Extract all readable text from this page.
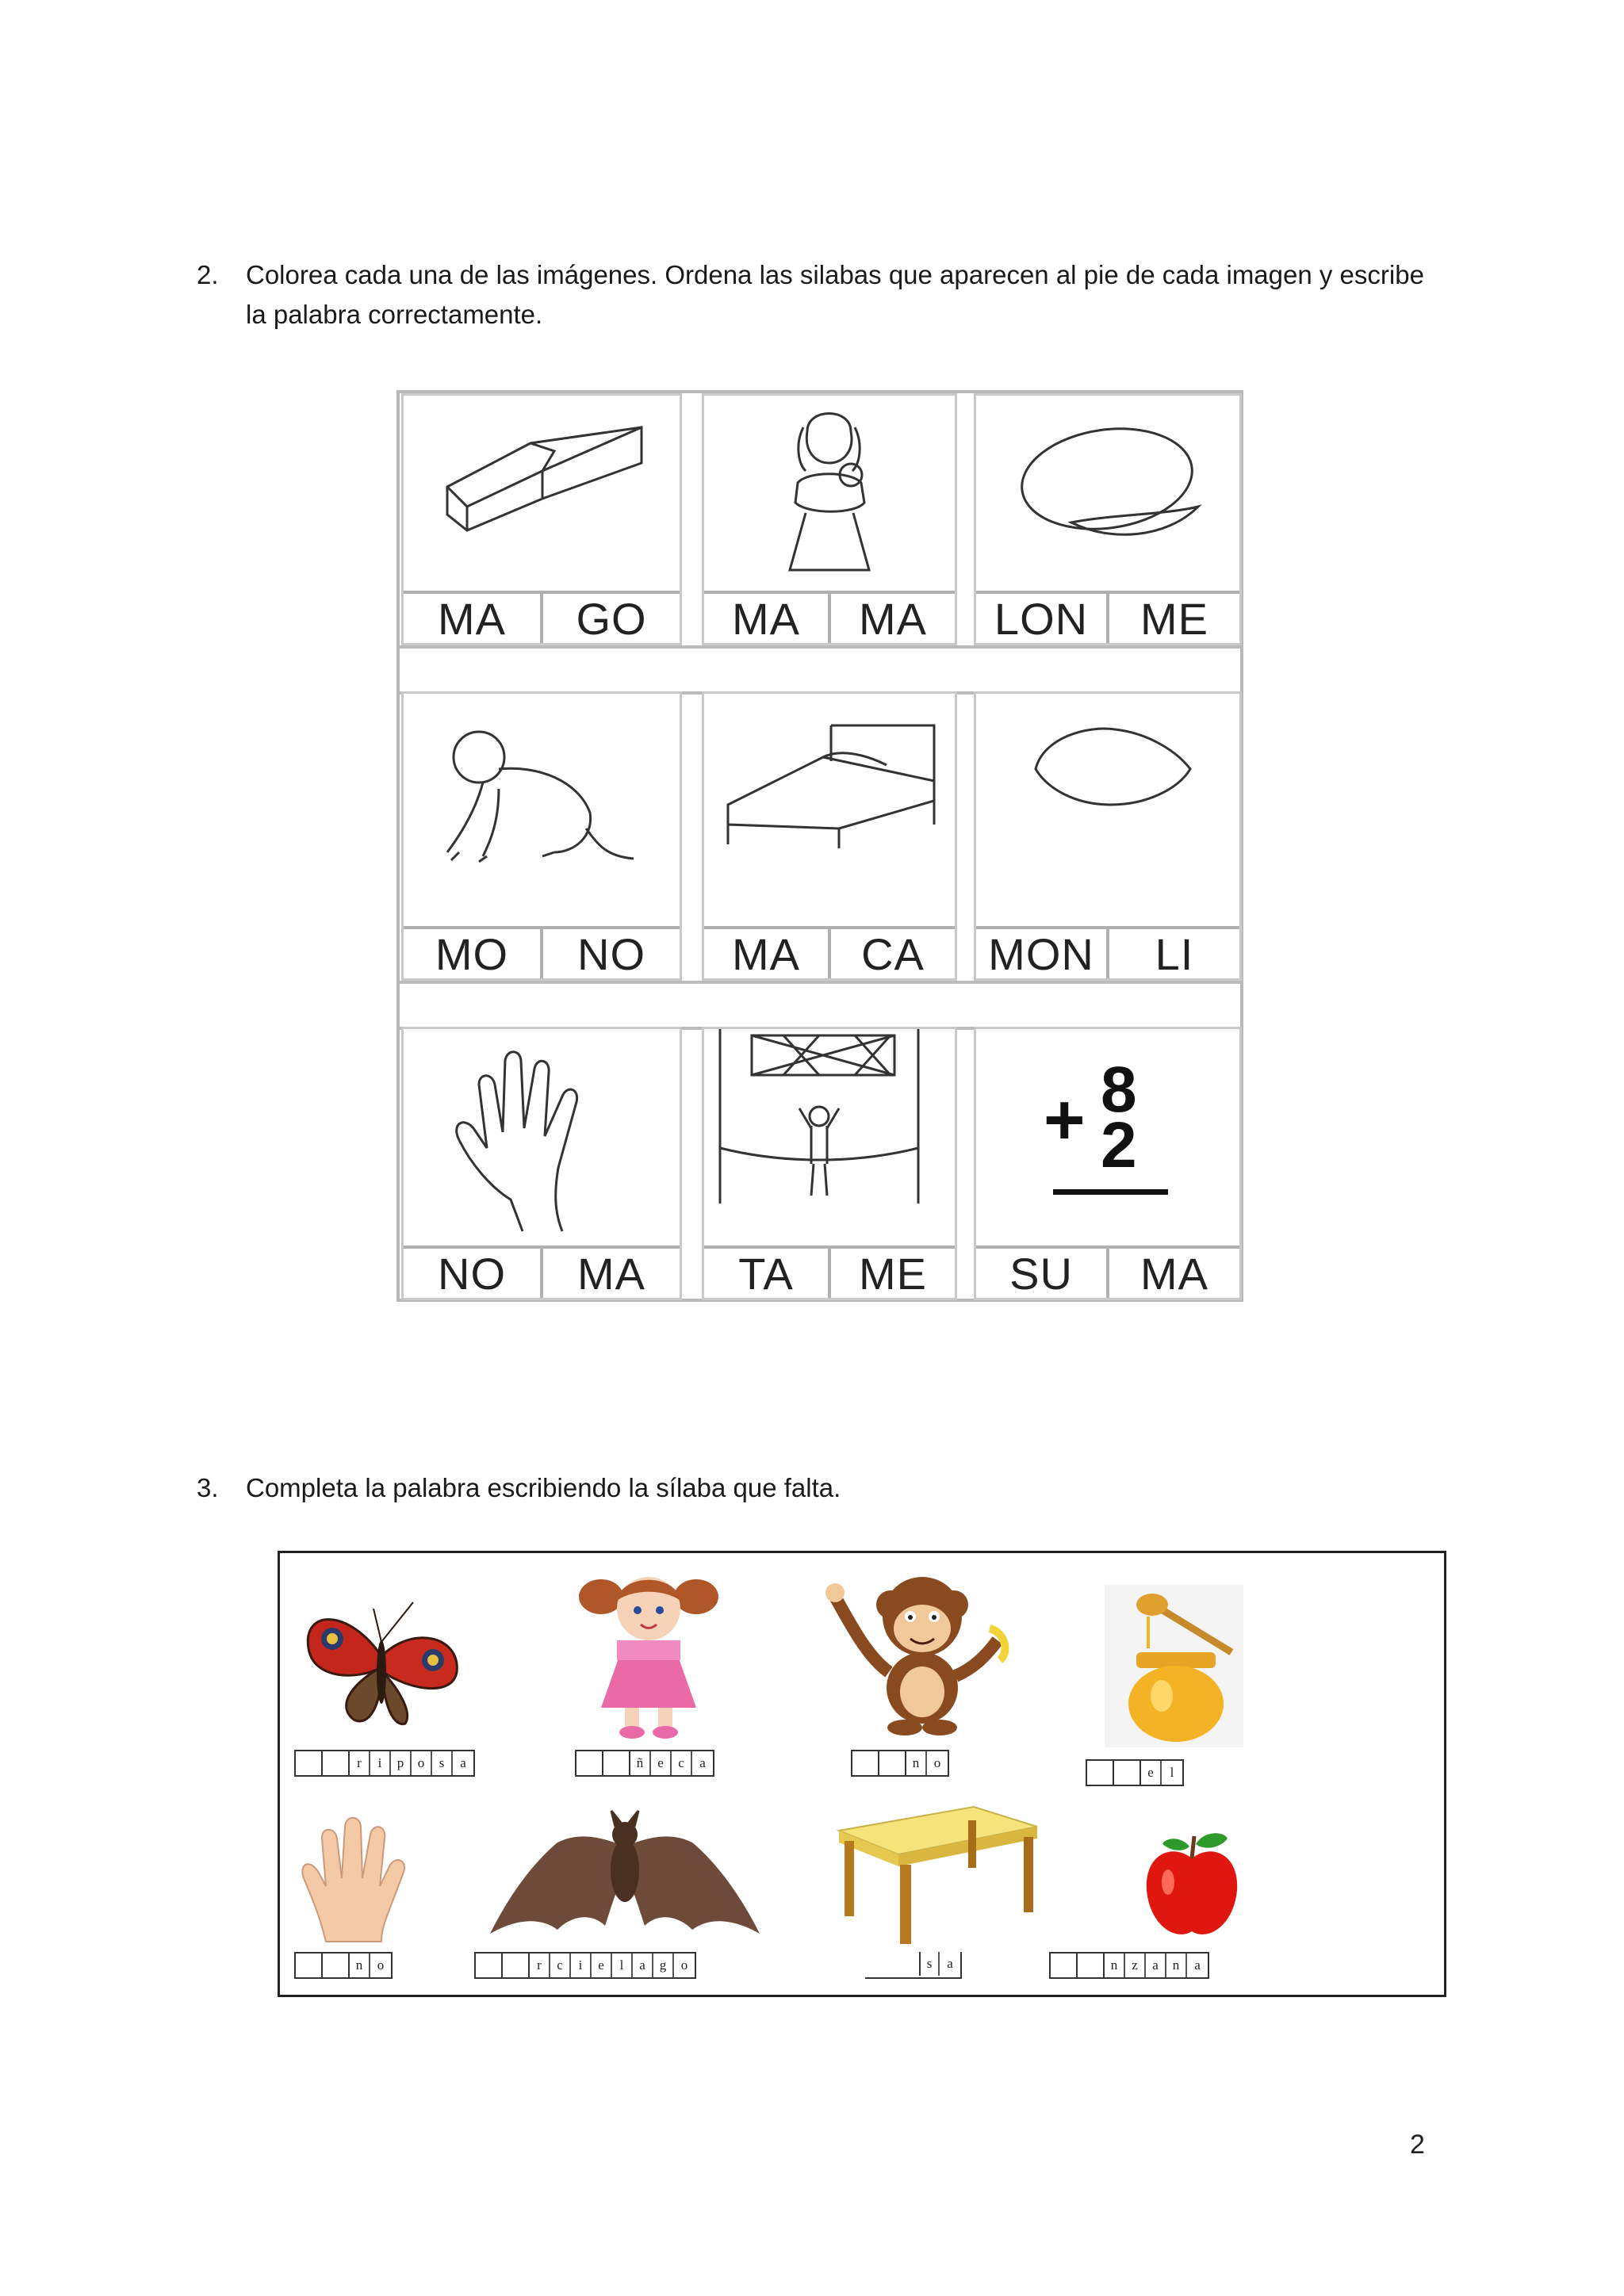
2. Colorea cada una de las imágenes. Ordena las silabas que aparecen al pie de cada imagen y escribe
la palabra correctamente.
MA	GO	MA	MA	LON	ME
MO	NO	MA	CA	MON	LI
NO	MA	TA	ME
+ 8
2
SU	MA
3. Completa la palabra escribiendo la sílaba que falta.
r	i	p	o	s	a	ñ	e	c	a	n	o
e	l
n	o	r	c	i	e	l	a	g	o	s	a	n	z	a	n	a
2
